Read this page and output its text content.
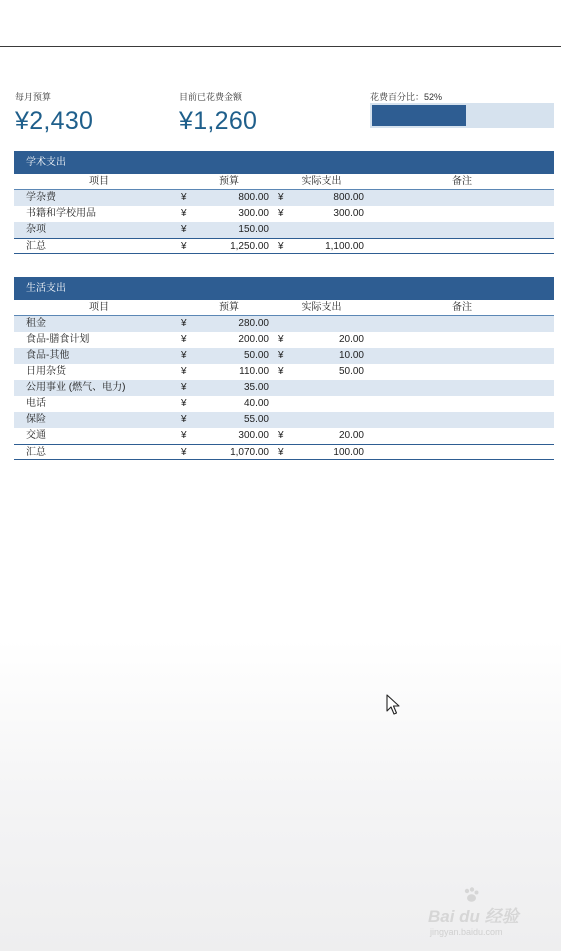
每月预算
¥2,430
目前已花费金额
¥1,260
花费百分比：52%
学术支出
项目	预算	实际支出	备注
学杂费	¥	800.00 ¥	800.00
书籍和学校用品	¥	300.00 ¥	300.00
杂项	¥	150.00
汇总	¥	1,250.00 ¥	1,100.00
生活支出
项目	预算	实际支出	备注
租金	¥	280.00
食品-膳食计划	¥	200.00 ¥	20.00
食品-其他	¥	50.00 ¥	10.00
日用杂货	¥	110.00 ¥	50.00
公用事业 (燃气、电力)	¥	35.00
电话	¥	40.00
保险	¥	55.00
交通	¥	300.00 ¥	20.00
汇总	¥	1,070.00 ¥	100.00
Bai du 经验
jingyan.baidu.com
